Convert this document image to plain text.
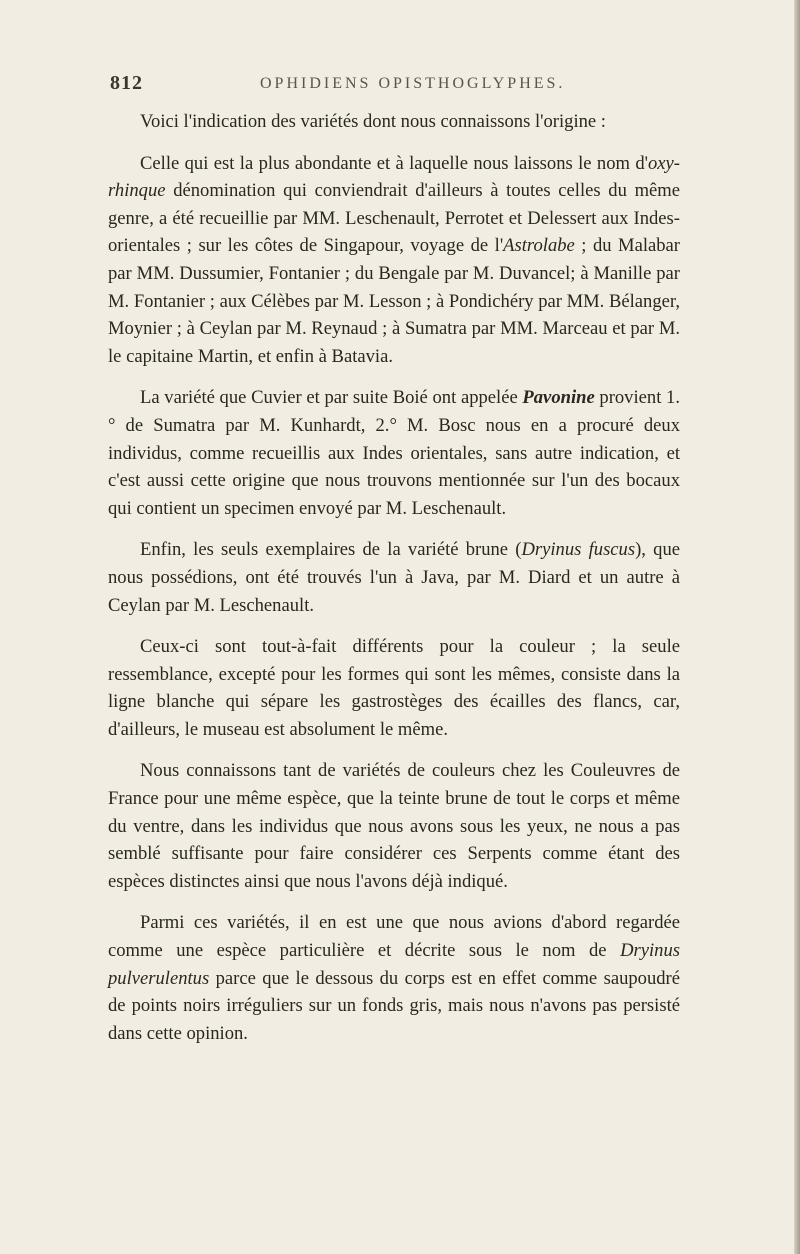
812	OPHIDIENS OPISTHOGLYPHES.

Voici l'indication des variétés dont nous connaissons l'origine :

Celle qui est la plus abondante et à laquelle nous laissons le nom d'oxy-rhinque dénomination qui conviendrait d'ailleurs à toutes celles du même genre, a été recueillie par MM. Leschenault, Perrotet et Delessert aux Indes-orientales ; sur les côtes de Singapour, voyage de l'Astrolabe ; du Malabar par MM. Dussumier, Fontanier ; du Bengale par M. Duvancel; à Manille par M. Fontanier ; aux Célèbes par M. Lesson ; à Pondichéry par MM. Bélanger, Moynier ; à Ceylan par M. Reynaud ; à Sumatra par MM. Marceau et par M. le capitaine Martin, et enfin à Batavia.

La variété que Cuvier et par suite Boié ont appelée Pavonine provient 1.° de Sumatra par M. Kunhardt, 2.° M. Bosc nous en a procuré deux individus, comme recueillis aux Indes orientales, sans autre indication, et c'est aussi cette origine que nous trouvons mentionnée sur l'un des bocaux qui contient un specimen envoyé par M. Leschenault.

Enfin, les seuls exemplaires de la variété brune (Dryinus fuscus), que nous possédions, ont été trouvés l'un à Java, par M. Diard et un autre à Ceylan par M. Leschenault.

Ceux-ci sont tout-à-fait différents pour la couleur ; la seule ressemblance, excepté pour les formes qui sont les mêmes, consiste dans la ligne blanche qui sépare les gastrostèges des écailles des flancs, car, d'ailleurs, le museau est absolument le même.

Nous connaissons tant de variétés de couleurs chez les Couleuvres de France pour une même espèce, que la teinte brune de tout le corps et même du ventre, dans les individus que nous avons sous les yeux, ne nous a pas semblé suffisante pour faire considérer ces Serpents comme étant des espèces distinctes ainsi que nous l'avons déjà indiqué.

Parmi ces variétés, il en est une que nous avions d'abord regardée comme une espèce particulière et décrite sous le nom de Dryinus pulverulentus parce que le dessous du corps est en effet comme saupoudré de points noirs irréguliers sur un fonds gris, mais nous n'avons pas persisté dans cette opinion.
